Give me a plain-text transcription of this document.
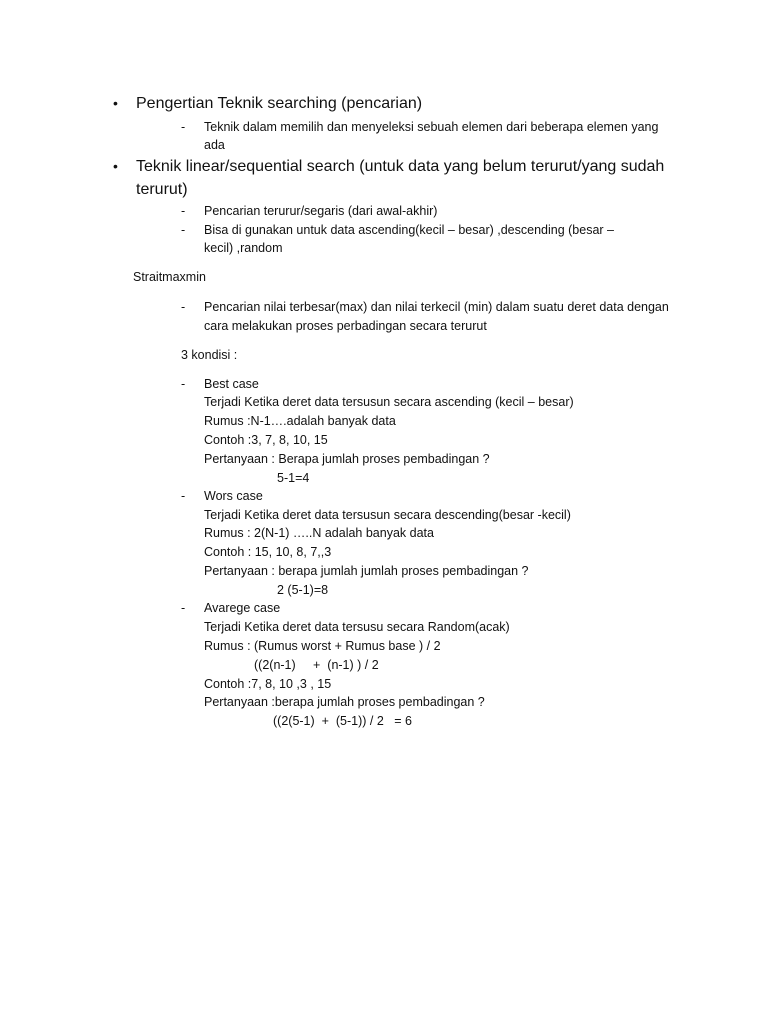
• Pengertian Teknik searching (pencarian)
- Teknik dalam memilih dan menyeleksi sebuah elemen dari beberapa elemen yang
ada
• Teknik linear/sequential search (untuk data yang belum terurut/yang sudah
terurut)
- Pencarian terurur/segaris (dari awal-akhir)
- Bisa di gunakan untuk data ascending(kecil – besar) ,descending (besar –
kecil) ,random
Straitmaxmin
- Pencarian nilai terbesar(max) dan nilai terkecil (min) dalam suatu deret data dengan
cara melakukan proses perbadingan secara terurut
3 kondisi :
- Best case
Terjadi Ketika deret data tersusun secara ascending (kecil – besar)
Rumus :N-1….adalah banyak data
Contoh :3, 7, 8, 10, 15
Pertanyaan : Berapa jumlah proses pembadingan ?
5-1=4
- Wors case
Terjadi Ketika deret data tersusun secara descending(besar -kecil)
Rumus : 2(N-1) …..N adalah banyak data
Contoh : 15, 10, 8, 7,,3
Pertanyaan : berapa jumlah jumlah proses pembadingan ?
2 (5-1)=8
- Avarege case
Terjadi Ketika deret data tersusu secara Random(acak)
Rumus : (Rumus worst + Rumus base ) / 2
((2(n-1)     +  (n-1) ) / 2
Contoh :7, 8, 10 ,3 , 15
Pertanyaan :berapa jumlah proses pembadingan ?
((2(5-1)  +  (5-1)) / 2   = 6
